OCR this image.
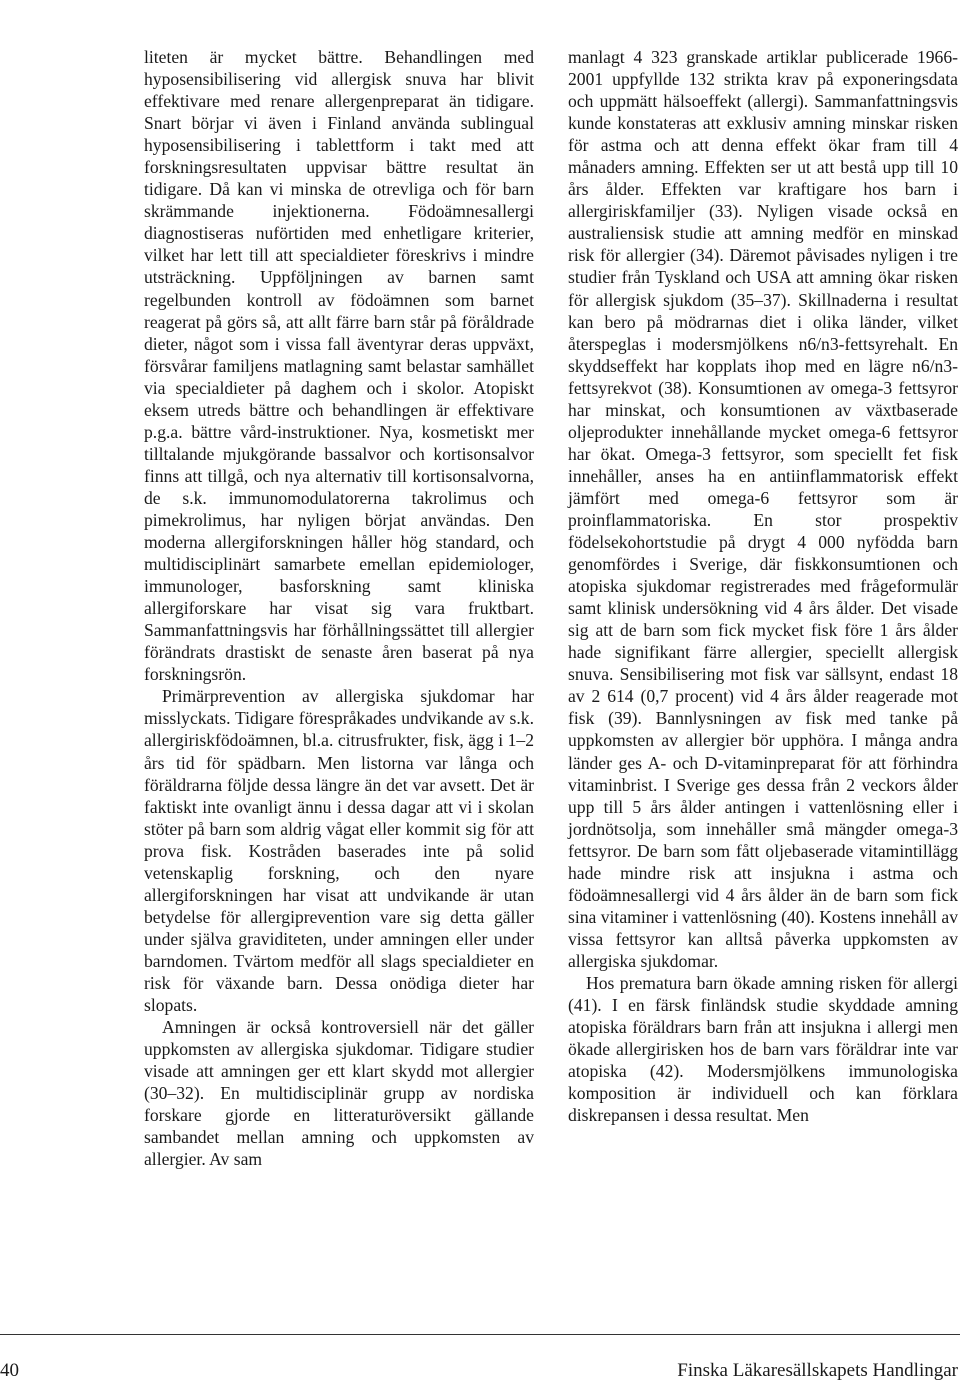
liteten är mycket bättre. Behandlingen med hyposensibilisering vid allergisk snuva har blivit effektivare med renare allergenpreparat än tidigare. Snart börjar vi även i Finland använda sublingual hyposensibilisering i tablettform i takt med att forskningsresultaten uppvisar bättre resultat än tidigare. Då kan vi minska de otrevliga och för barn skrämmande injektionerna. Födoämnesallergi diagnostiseras nuförtiden med enhetligare kriterier, vilket har lett till att specialdieter föreskrivs i mindre utsträckning. Uppföljningen av barnen samt regelbunden kontroll av födoämnen som barnet reagerat på görs så, att allt färre barn står på föråldrade dieter, något som i vissa fall äventyrar deras uppväxt, försvårar familjens matlagning samt belastar samhället via specialdieter på daghem och i skolor. Atopiskt eksem utreds bättre och behandlingen är effektivare p.g.a. bättre vård-instruktioner. Nya, kosmetiskt mer tilltalande mjukgörande bassalvor och kortisonsalvor finns att tillgå, och nya alternativ till kortisonsalvorna, de s.k. immunomodulatorerna takrolimus och pimekrolimus, har nyligen börjat användas. Den moderna allergiforskningen håller hög standard, och multidisciplinärt samarbete emellan epidemiologer, immunologer, basforskning samt kliniska allergiforskare har visat sig vara fruktbart. Sammanfattningsvis har förhållningssättet till allergier förändrats drastiskt de senaste åren baserat på nya forskningsrön.

Primärprevention av allergiska sjukdomar har misslyckats. Tidigare förespråkades undvikande av s.k. allergiriskfödoämnen, bl.a. citrusfrukter, fisk, ägg i 1–2 års tid för spädbarn. Men listorna var långa och föräldrarna följde dessa längre än det var avsett. Det är faktiskt inte ovanligt ännu i dessa dagar att vi i skolan stöter på barn som aldrig vågat eller kommit sig för att prova fisk. Kostråden baserades inte på solid vetenskaplig forskning, och den nyare allergiforskningen har visat att undvikande är utan betydelse för allergiprevention vare sig detta gäller under själva graviditeten, under amningen eller under barndomen. Tvärtom medför all slags specialdieter en risk för växande barn. Dessa onödiga dieter har slopats.

Amningen är också kontroversiell när det gäller uppkomsten av allergiska sjukdomar. Tidigare studier visade att amningen ger ett klart skydd mot allergier (30–32). En multidisciplinär grupp av nordiska forskare gjorde en litteraturöversikt gällande sambandet mellan amning och uppkomsten av allergier. Av sam

manlagt 4 323 granskade artiklar publicerade 1966-2001 uppfyllde 132 strikta krav på exponeringsdata och uppmätt hälsoeffekt (allergi). Sammanfattningsvis kunde konstateras att exklusiv amning minskar risken för astma och att denna effekt ökar fram till 4 månaders amning. Effekten ser ut att bestå upp till 10 års ålder. Effekten var kraftigare hos barn i allergiriskfamiljer (33). Nyligen visade också en australiensisk studie att amning medför en minskad risk för allergier (34). Däremot påvisades nyligen i tre studier från Tyskland och USA att amning ökar risken för allergisk sjukdom (35–37). Skillnaderna i resultat kan bero på mödrarnas diet i olika länder, vilket återspeglas i modersmjölkens n6/n3-fettsyrehalt. En skyddseffekt har kopplats ihop med en lägre n6/n3-fettsyrekvot (38). Konsumtionen av omega-3 fettsyror har minskat, och konsumtionen av växtbaserade oljeprodukter innehållande mycket omega-6 fettsyror har ökat. Omega-3 fettsyror, som speciellt fet fisk innehåller, anses ha en antiinflammatorisk effekt jämfört med omega-6 fettsyror som är proinflammatoriska. En stor prospektiv födelsekohortstudie på drygt 4 000 nyfödda barn genomfördes i Sverige, där fiskkonsumtionen och atopiska sjukdomar registrerades med frågeformulär samt klinisk undersökning vid 4 års ålder. Det visade sig att de barn som fick mycket fisk före 1 års ålder hade signifikant färre allergier, speciellt allergisk snuva. Sensibilisering mot fisk var sällsynt, endast 18 av 2 614 (0,7 procent) vid 4 års ålder reagerade mot fisk (39). Bannlysningen av fisk med tanke på uppkomsten av allergier bör upphöra. I många andra länder ges A- och D-vitaminpreparat för att förhindra vitaminbrist. I Sverige ges dessa från 2 veckors ålder upp till 5 års ålder antingen i vattenlösning eller i jordnötsolja, som innehåller små mängder omega-3 fettsyror. De barn som fått oljebaserade vitamintillägg hade mindre risk att insjukna i astma och födoämnesallergi vid 4 års ålder än de barn som fick sina vitaminer i vattenlösning (40). Kostens innehåll av vissa fettsyror kan alltså påverka uppkomsten av allergiska sjukdomar.

Hos prematura barn ökade amning risken för allergi (41). I en färsk finländsk studie skyddade amning atopiska föräldrars barn från att insjukna i allergi men ökade allergirisken hos de barn vars föräldrar inte var atopiska (42). Modersmjölkens immunologiska komposition är individuell och kan förklara diskrepansen i dessa resultat. Men

40	Finska Läkaresällskapets Handlingar
